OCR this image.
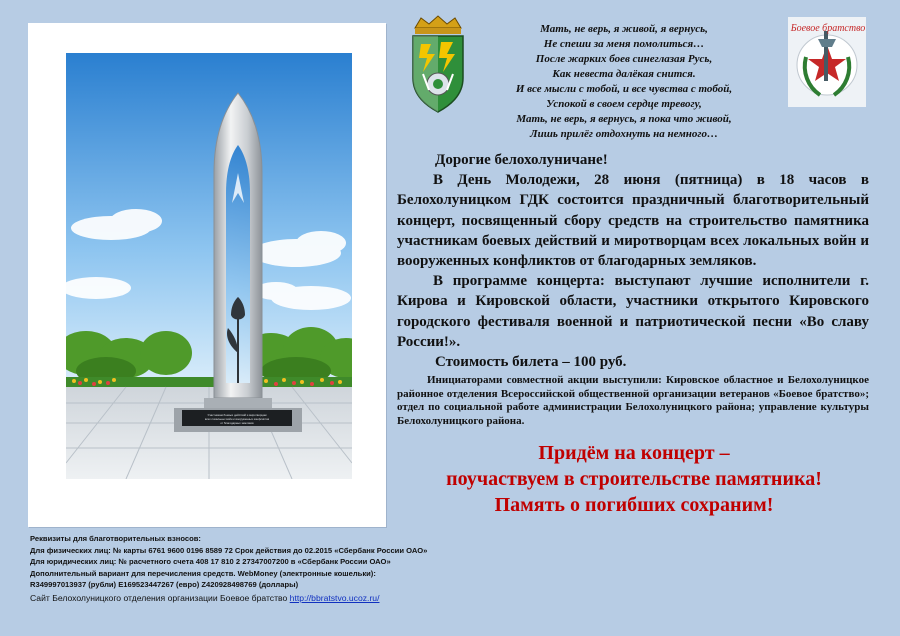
Участникам боевых действий и миротворцам
всех локальных войн и вооруженных конфликтов
от благодарных земляков
Мать, не верь, я живой, я вернусь,
Не спеши за меня помолиться…
После жарких боев синеглазая Русь,
Как невеста далёкая снится.
И все мысли с тобой, и все чувства с тобой,
Успокой в своем сердце тревогу,
Мать, не верь, я вернусь, я пока что живой,
Лишь прилёг отдохнуть на немного…
Боевое братство

Дорогие белохолуничане!

В День Молодежи, 28 июня (пятница) в 18 часов в Белохолуницком ГДК состоится праздничный благотворительный концерт, посвященный сбору средств на строительство памятника участникам боевых действий и миротворцам всех локальных войн и вооруженных конфликтов от благодарных земляков.

В программе концерта: выступают лучшие исполнители г. Кирова и Кировской области, участники открытого Кировского городского фестиваля военной и патриотической песни «Во славу России!».

Стоимость билета – 100 руб.

Инициаторами совместной акции выступили: Кировское областное и Белохолуницкое районное отделения Всероссийской общественной организации ветеранов «Боевое братство»; отдел по социальной работе администрации Белохолуницкого района; управление культуры Белохолуницкого района.

Придём на концерт –
поучаствуем в строительстве памятника!
Память о погибших сохраним!
Реквизиты для благотворительных взносов:
Для физических лиц: № карты 6761 9600 0196 8589 72 Срок действия до 02.2015 «Сбербанк России ОАО»
Для юридических лиц: № расчетного счета 408 17 810 2 27347007200 в «Сбербанк России ОАО»
Дополнительный вариант для перечисления средств. WebMoney (электронные кошельки):
R349997013937 (рубли) E169523447267 (евро) Z420928498769 (доллары)
Сайт Белохолуницкого отделения организации Боевое братство http://bbratstvo.ucoz.ru/
